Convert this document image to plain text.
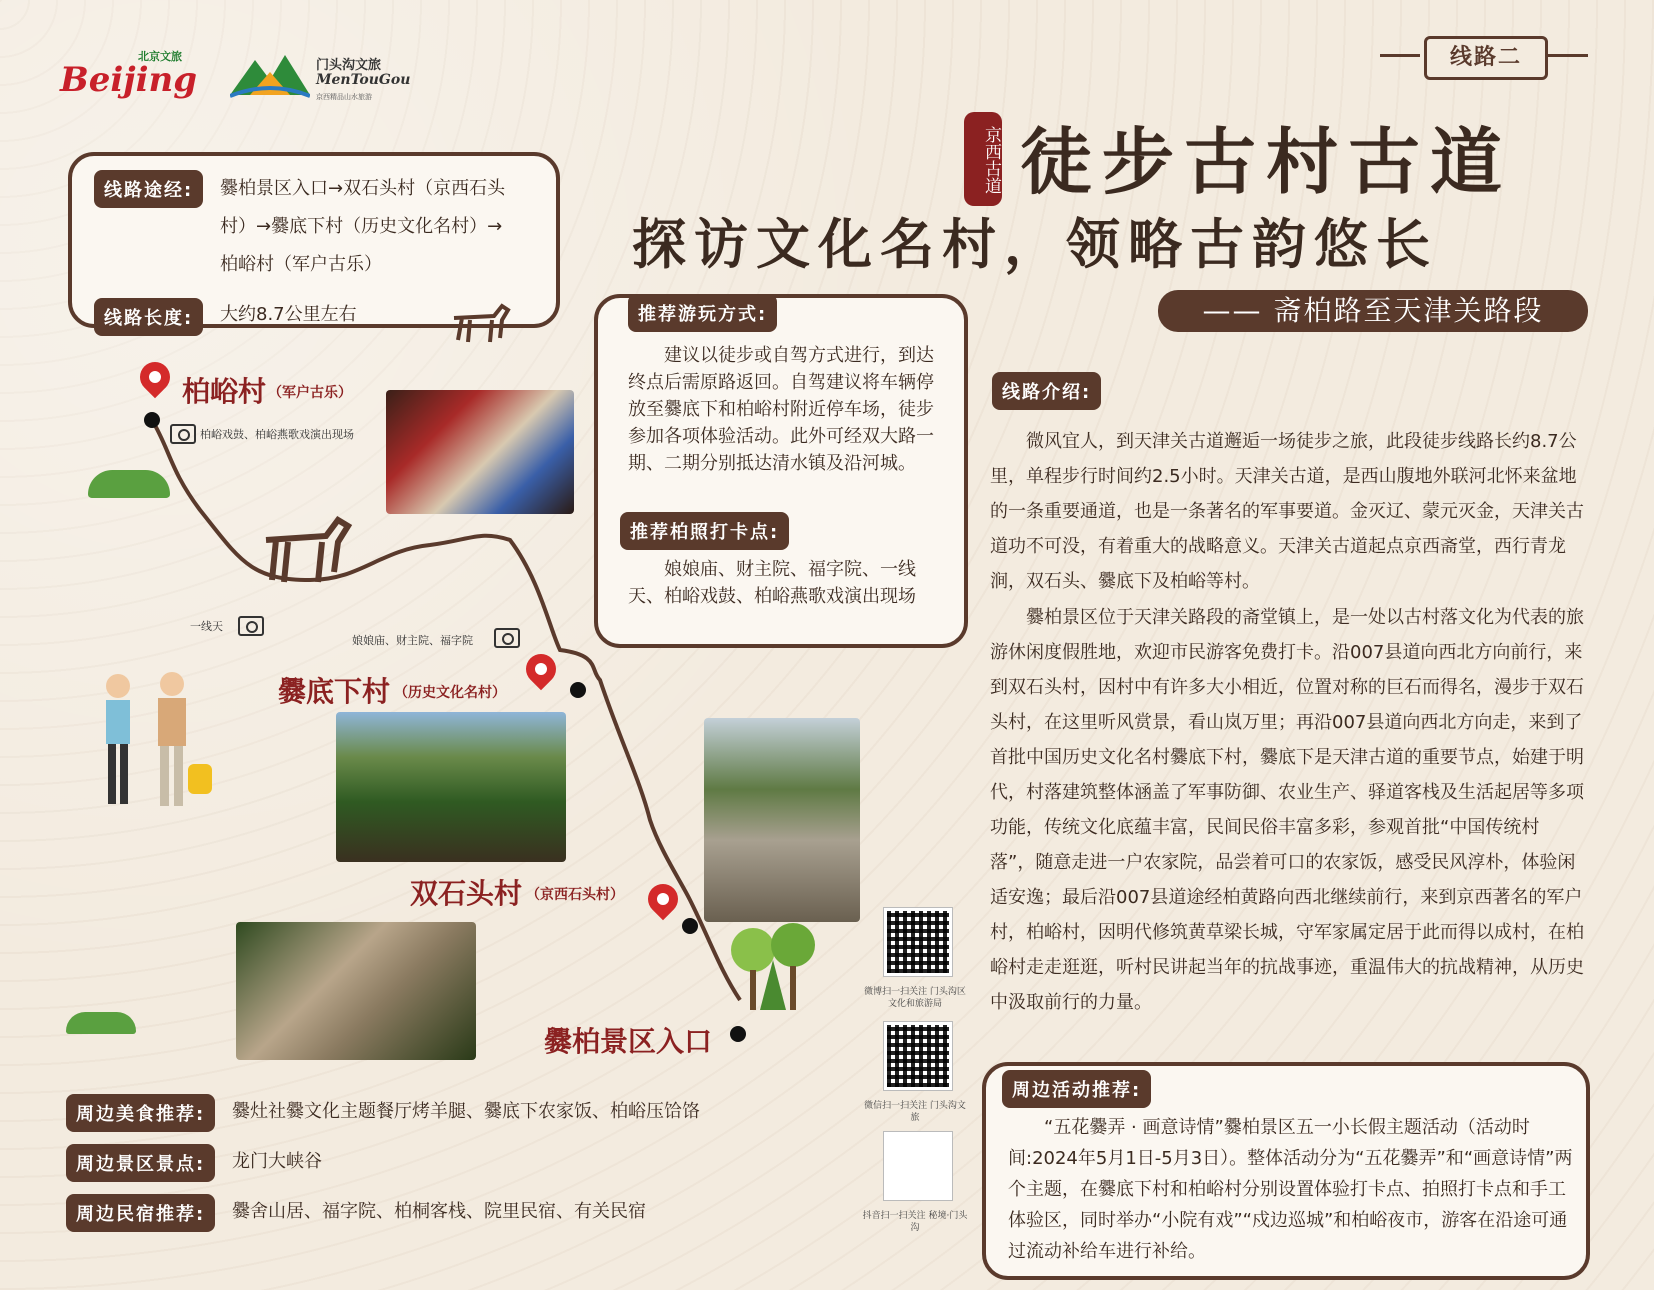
Beijing
北京文旅
门头沟文旅
MenTouGou
京西精品山水旅游
线路二
京西古道 徒步古村古道
探访文化名村，领略古韵悠长
—— 斋柏路至天津关路段
线路途经:	爨柏景区入口→双石头村（京西石头村）→爨底下村（历史文化名村）→柏峪村（军户古乐）
线路长度:	大约8.7公里左右	推荐游玩方式:
建议以徒步或自驾方式进行，到达终点后需原路返回。自驾建议将车辆停放至爨底下和柏峪村附近停车场，徒步参加各项体验活动。此外可经双大路一期、二期分别抵达清水镇及沿河城。
推荐柏照打卡点:
娘娘庙、财主院、福字院、一线天、柏峪戏鼓、柏峪燕歌戏演出现场
线路介绍:
微风宜人，到天津关古道邂逅一场徒步之旅，此段徒步线路长约8.7公里，单程步行时间约2.5小时。天津关古道，是西山腹地外联河北怀来盆地的一条重要通道，也是一条著名的军事要道。金灭辽、蒙元灭金，天津关古道功不可没，有着重大的战略意义。天津关古道起点京西斋堂，西行青龙涧，双石头、爨底下及柏峪等村。
爨柏景区位于天津关路段的斋堂镇上，是一处以古村落文化为代表的旅游休闲度假胜地，欢迎市民游客免费打卡。沿007县道向西北方向前行，来到双石头村，因村中有许多大小相近，位置对称的巨石而得名，漫步于双石头村，在这里听风赏景，看山岚万里；再沿007县道向西北方向走，来到了首批中国历史文化名村爨底下村，爨底下是天津古道的重要节点，始建于明代，村落建筑整体涵盖了军事防御、农业生产、驿道客栈及生活起居等多项功能，传统文化底蕴丰富，民间民俗丰富多彩，参观首批“中国传统村落”，随意走进一户农家院，品尝着可口的农家饭，感受民风淳朴，体验闲适安逸；最后沿007县道途经柏黄路向西北继续前行，来到京西著名的军户村，柏峪村，因明代修筑黄草梁长城，守军家属定居于此而得以成村，在柏峪村走走逛逛，听村民讲起当年的抗战事迹，重温伟大的抗战精神，从历史中汲取前行的力量。
周边活动推荐:
“五花爨弄 · 画意诗情”爨柏景区五一小长假主题活动（活动时间:2024年5月1日-5月3日）。整体活动分为“五花爨弄”和“画意诗情”两个主题，在爨底下村和柏峪村分别设置体验打卡点、拍照打卡点和手工体验区，同时举办“小院有戏”“戍边巡城”和柏峪夜市，游客在沿途可通过流动补给车进行补给。
周边美食推荐:	爨灶社爨文化主题餐厅烤羊腿、爨底下农家饭、柏峪压饸饹
周边景区景点:	龙门大峡谷
周边民宿推荐:	爨舍山居、福字院、柏桐客栈、院里民宿、有关民宿
柏峪村 （军户古乐）
柏峪戏鼓、柏峪燕歌戏演出现场
一线天
娘娘庙、财主院、福字院
爨底下村 （历史文化名村）
双石头村 （京西石头村）
爨柏景区入口
微博扫一扫关注 门头沟区文化和旅游局
微信扫一扫关注 门头沟文旅
抖音扫一扫关注 秘境·门头沟
